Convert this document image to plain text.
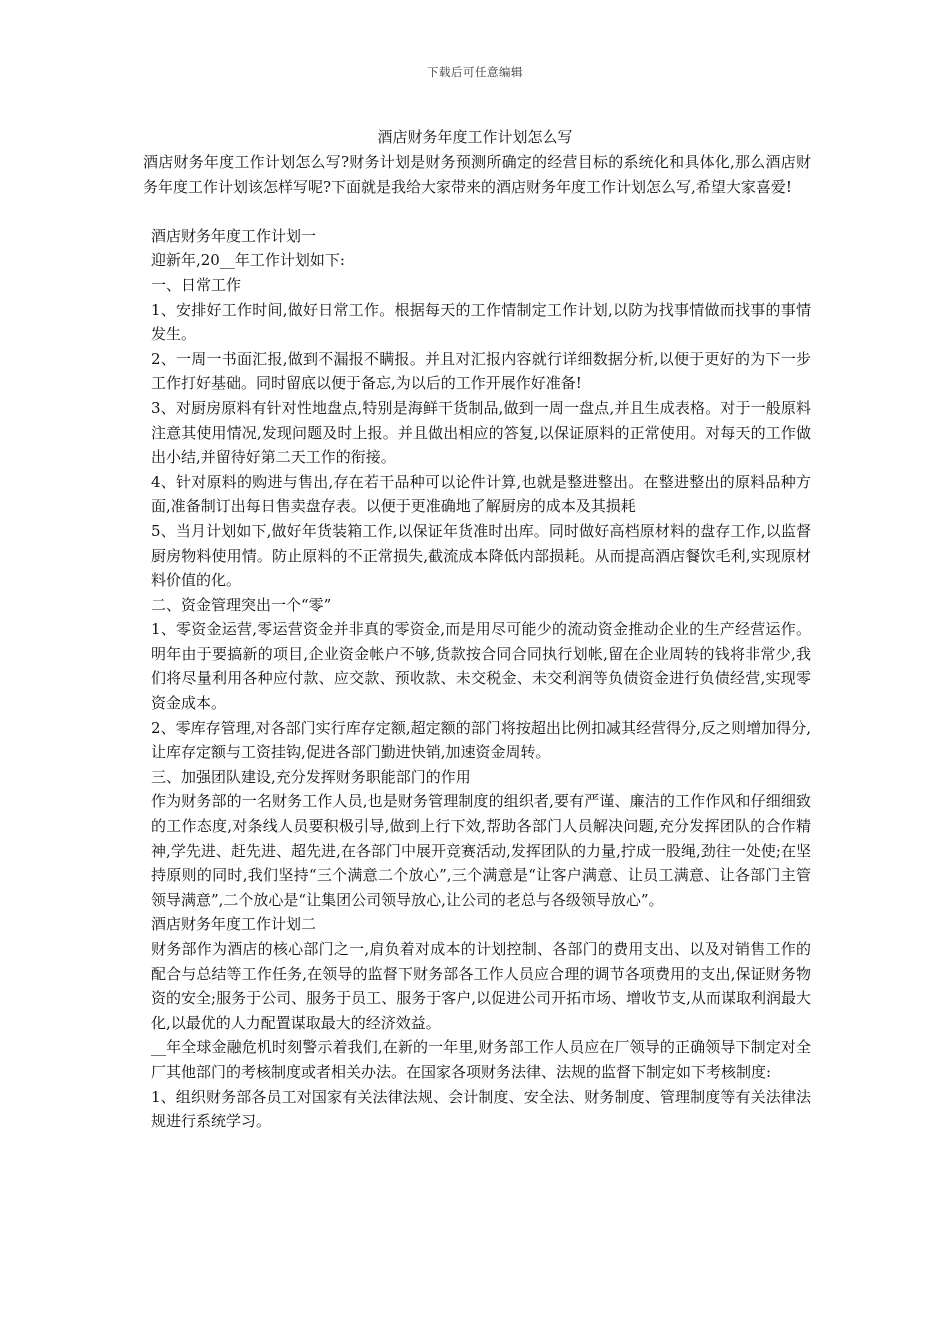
下载后可任意编辑
酒店财务年度工作计划怎么写
酒店财务年度工作计划怎么写?财务计划是财务预测所确定的经营目标的系统化和具体化,那么酒店财务年度工作计划该怎样写呢?下面就是我给大家带来的酒店财务年度工作计划怎么写,希望大家喜爱!
酒店财务年度工作计划一
迎新年,20__年工作计划如下:
一、日常工作
1、安排好工作时间,做好日常工作。根据每天的工作情制定工作计划,以防为找事情做而找事的事情发生。
2、一周一书面汇报,做到不漏报不瞒报。并且对汇报内容就行详细数据分析,以便于更好的为下一步工作打好基础。同时留底以便于备忘,为以后的工作开展作好准备!
3、对厨房原料有针对性地盘点,特别是海鲜干货制品,做到一周一盘点,并且生成表格。对于一般原料注意其使用情况,发现问题及时上报。并且做出相应的答复,以保证原料的正常使用。对每天的工作做出小结,并留待好第二天工作的衔接。
4、针对原料的购进与售出,存在若干品种可以论件计算,也就是整进整出。在整进整出的原料品种方面,准备制订出每日售卖盘存表。以便于更准确地了解厨房的成本及其损耗
5、当月计划如下,做好年货装箱工作,以保证年货准时出库。同时做好高档原材料的盘存工作,以监督厨房物料使用情。防止原料的不正常损失,截流成本降低内部损耗。从而提高酒店餐饮毛利,实现原材料价值的化。
二、资金管理突出一个“零”
1、零资金运营,零运营资金并非真的零资金,而是用尽可能少的流动资金推动企业的生产经营运作。明年由于要搞新的项目,企业资金帐户不够,货款按合同合同执行划帐,留在企业周转的钱将非常少,我们将尽量利用各种应付款、应交款、预收款、未交税金、未交利润等负债资金进行负债经营,实现零资金成本。
2、零库存管理,对各部门实行库存定额,超定额的部门将按超出比例扣减其经营得分,反之则增加得分,让库存定额与工资挂钩,促进各部门勤进快销,加速资金周转。
三、加强团队建设,充分发挥财务职能部门的作用
作为财务部的一名财务工作人员,也是财务管理制度的组织者,要有严谨、廉洁的工作作风和仔细细致的工作态度,对条线人员要积极引导,做到上行下效,帮助各部门人员解决问题,充分发挥团队的合作精神,学先进、赶先进、超先进,在各部门中展开竞赛活动,发挥团队的力量,拧成一股绳,劲往一处使;在坚持原则的同时,我们坚持“三个满意二个放心”,三个满意是“让客户满意、让员工满意、让各部门主管领导满意”,二个放心是“让集团公司领导放心,让公司的老总与各级领导放心”。
酒店财务年度工作计划二
财务部作为酒店的核心部门之一,肩负着对成本的计划控制、各部门的费用支出、以及对销售工作的配合与总结等工作任务,在领导的监督下财务部各工作人员应合理的调节各项费用的支出,保证财务物资的安全;服务于公司、服务于员工、服务于客户,以促进公司开拓市场、增收节支,从而谋取利润最大化,以最优的人力配置谋取最大的经济效益。
__年全球金融危机时刻警示着我们,在新的一年里,财务部工作人员应在厂领导的正确领导下制定对全厂其他部门的考核制度或者相关办法。在国家各项财务法律、法规的监督下制定如下考核制度:
1、组织财务部各员工对国家有关法律法规、会计制度、安全法、财务制度、管理制度等有关法律法规进行系统学习。
